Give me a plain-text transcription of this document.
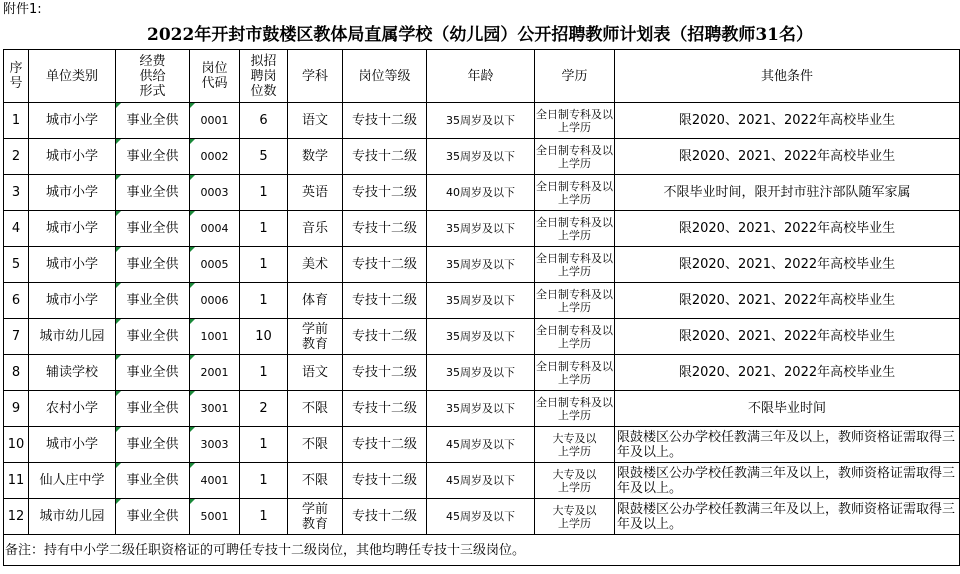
附件1:
2022年开封市鼓楼区教体局直属学校（幼儿园）公开招聘教师计划表（招聘教师31名）
序号	单位类别	经费供给形式	岗位代码	拟招聘岗位数	学科	岗位等级	年龄	学历	其他条件
1	城市小学	事业全供	0001	6	语文	专技十二级	35周岁及以下	全日制专科及以上学历	限2020、2021、2022年高校毕业生
2	城市小学	事业全供	0002	5	数学	专技十二级	35周岁及以下	全日制专科及以上学历	限2020、2021、2022年高校毕业生
3	城市小学	事业全供	0003	1	英语	专技十二级	40周岁及以下	全日制专科及以上学历	不限毕业时间，限开封市驻汴部队随军家属
4	城市小学	事业全供	0004	1	音乐	专技十二级	35周岁及以下	全日制专科及以上学历	限2020、2021、2022年高校毕业生
5	城市小学	事业全供	0005	1	美术	专技十二级	35周岁及以下	全日制专科及以上学历	限2020、2021、2022年高校毕业生
6	城市小学	事业全供	0006	1	体育	专技十二级	35周岁及以下	全日制专科及以上学历	限2020、2021、2022年高校毕业生
7	城市幼儿园	事业全供	1001	10	学前教育	专技十二级	35周岁及以下	全日制专科及以上学历	限2020、2021、2022年高校毕业生
8	辅读学校	事业全供	2001	1	语文	专技十二级	35周岁及以下	全日制专科及以上学历	限2020、2021、2022年高校毕业生
9	农村小学	事业全供	3001	2	不限	专技十二级	35周岁及以下	全日制专科及以上学历	不限毕业时间
10	城市小学	事业全供	3003	1	不限	专技十二级	45周岁及以下	大专及以上学历	限鼓楼区公办学校任教满三年及以上，教师资格证需取得三年及以上。
11	仙人庄中学	事业全供	4001	1	不限	专技十二级	45周岁及以下	大专及以上学历	限鼓楼区公办学校任教满三年及以上，教师资格证需取得三年及以上。
12	城市幼儿园	事业全供	5001	1	学前教育	专技十二级	45周岁及以下	大专及以上学历	限鼓楼区公办学校任教满三年及以上，教师资格证需取得三年及以上。
备注：持有中小学二级任职资格证的可聘任专技十二级岗位，其他均聘任专技十三级岗位。									
